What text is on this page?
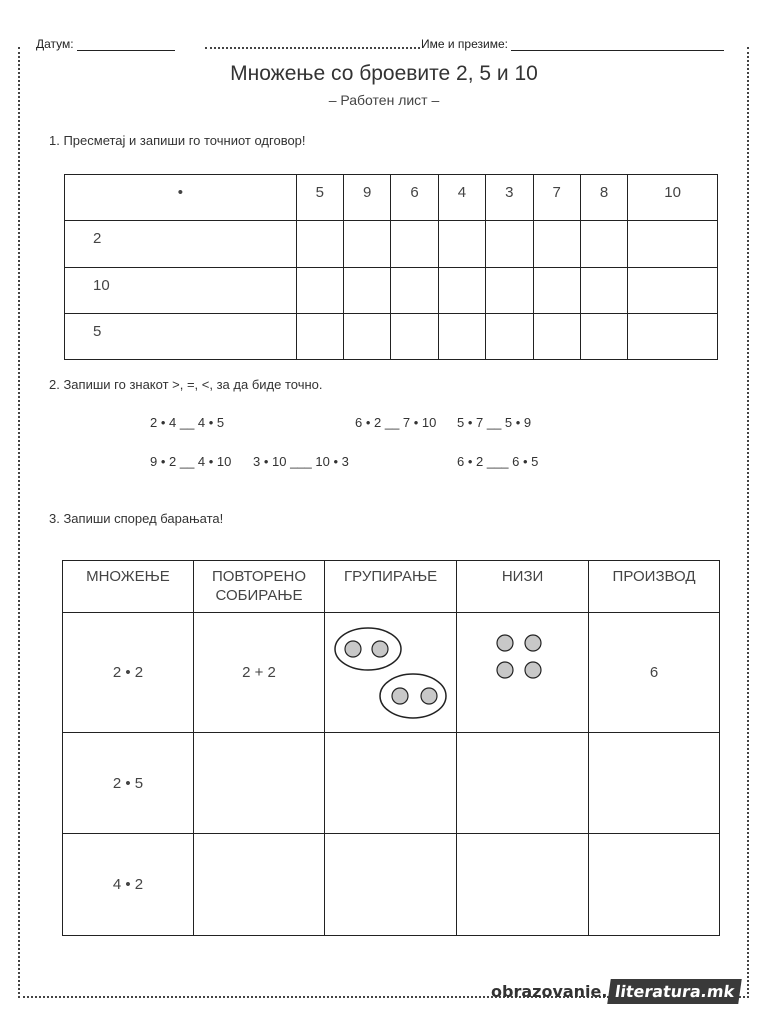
Датум:	Име и презиме:
Множење со броевите 2, 5 и 10
– Работен лист –
1. Пресметај и запиши го точниот одговор!
•	5	9	6	4	3	7	8	10
2								
10								
5								
2. Запиши го знакот >, =, <, за да биде точно.
2 • 4 __ 4 • 5	6 • 2 __ 7 • 10 5 • 7 __ 5 • 9
9 • 2 __ 4 • 10 3 • 10 ___ 10 • 3	6 • 2 ___ 6 • 5
3. Запиши според барањата!
МНОЖЕЊЕ	ПОВТОРЕНО СОБИРАЊЕ	ГРУПИРАЊЕ	НИЗИ	ПРОИЗВОД
2 • 2	2 + 2			6
2 • 5				
4 • 2				
obrazovanie. literatura.mk
